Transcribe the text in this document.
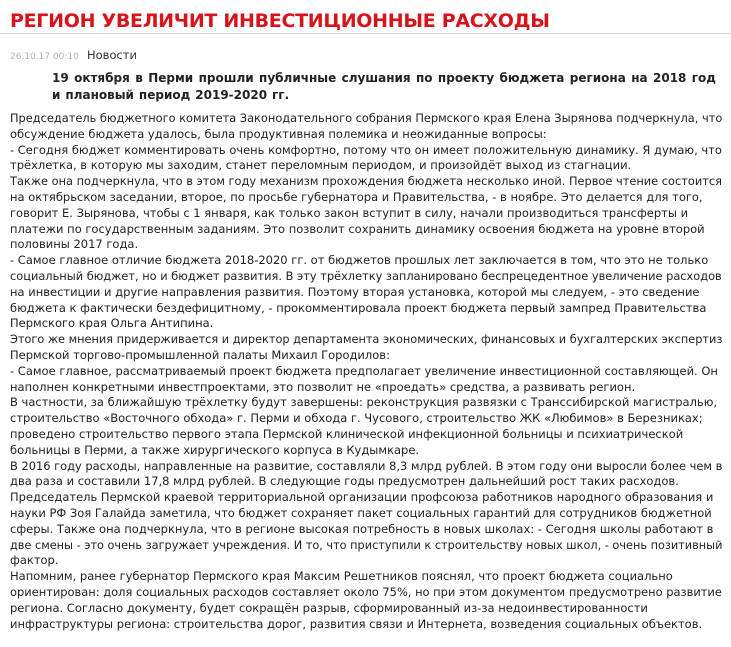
РЕГИОН УВЕЛИЧИТ ИНВЕСТИЦИОННЫЕ РАСХОДЫ
26.10.17 00:10 Новости

19 октября в Перми прошли публичные слушания по проекту бюджета региона на 2018 год и плановый период 2019-2020 гг.

Председатель бюджетного комитета Законодательного собрания Пермского края Елена Зырянова подчеркнула, что

обсуждение бюджета удалось, была продуктивная полемика и неожиданные вопросы:

- Сегодня бюджет комментировать очень комфортно, потому что он имеет положительную динамику. Я думаю, что

трёхлетка, в которую мы заходим, станет переломным периодом, и произойдёт выход из стагнации.

Также она подчеркнула, что в этом году механизм прохождения бюджета несколько иной. Первое чтение состоится

на октябрьском заседании, второе, по просьбе губернатора и Правительства, - в ноябре. Это делается для того,

говорит Е. Зырянова, чтобы с 1 января, как только закон вступит в силу, начали производиться трансферты и

платежи по государственным заданиям. Это позволит сохранить динамику освоения бюджета на уровне второй

половины 2017 года.

- Самое главное отличие бюджета 2018-2020 гг. от бюджетов прошлых лет заключается в том, что это не только

социальный бюджет, но и бюджет развития. В эту трёхлетку запланировано беспрецедентное увеличение расходов

на инвестиции и другие направления развития. Поэтому вторая установка, которой мы следуем, - это сведение

бюджета к фактически бездефицитному, - прокомментировала проект бюджета первый зампред Правительства

Пермского края Ольга Антипина.

Этого же мнения придерживается и директор департамента экономических, финансовых и бухгалтерских экспертиз

Пермской торгово-промышленной палаты Михаил Городилов:

- Самое главное, рассматриваемый проект бюджета предполагает увеличение инвестиционной составляющей. Он

наполнен конкретными инвестпроектами, это позволит не «проедать» средства, а развивать регион.

В частности, за ближайшую трёхлетку будут завершены: реконструкция развязки с Транссибирской магистралью,

строительство «Восточного обхода» г. Перми и обхода г. Чусового, строительство ЖК «Любимов» в Березниках;

проведено строительство первого этапа Пермской клинической инфекционной больницы и психиатрической

больницы в Перми, а также хирургического корпуса в Кудымкаре.

В 2016 году расходы, направленные на развитие, составляли 8,3 млрд рублей. В этом году они выросли более чем в

два раза и составили 17,8 млрд рублей. В следующие годы предусмотрен дальнейший рост таких расходов.

Председатель Пермской краевой территориальной организации профсоюза работников народного образования и

науки РФ Зоя Галайда заметила, что бюджет сохраняет пакет социальных гарантий для сотрудников бюджетной

сферы. Также она подчеркнула, что в регионе высокая потребность в новых школах: - Сегодня школы работают в

две смены - это очень загружает учреждения. И то, что приступили к строительству новых школ, - очень позитивный

фактор.

Напомним, ранее губернатор Пермского края Максим Решетников пояснял, что проект бюджета социально

ориентирован: доля социальных расходов составляет около 75%, но при этом документом предусмотрено развитие

региона. Согласно документу, будет сокращён разрыв, сформированный из-за недоинвестированности

инфраструктуры региона: строительства дорог, развития связи и Интернета, возведения социальных объектов.
